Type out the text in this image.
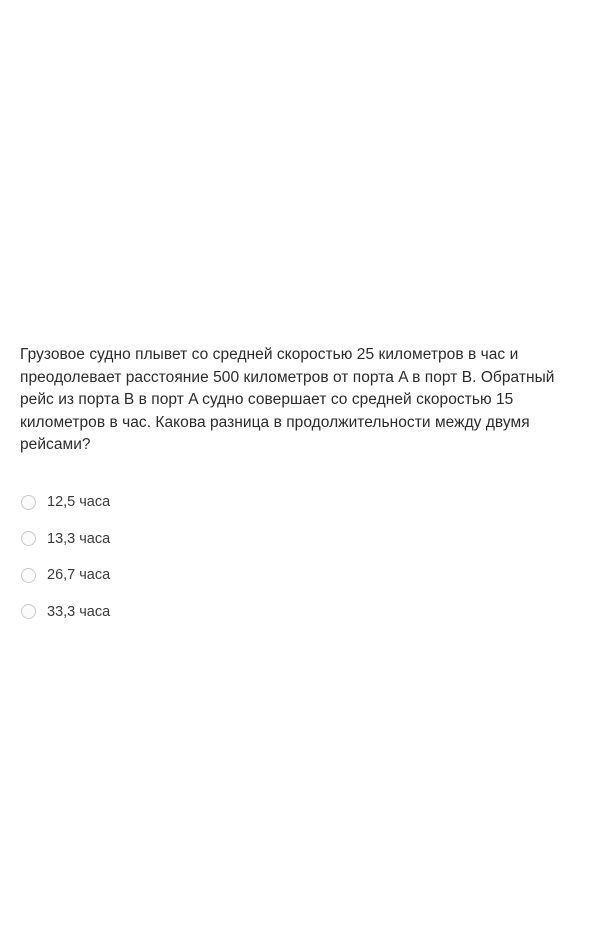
Грузовое судно плывет со средней скоростью 25 километров в час и преодолевает расстояние 500 километров от порта A в порт B. Обратный рейс из порта B в порт A судно совершает со средней скоростью 15 километров в час. Какова разница в продолжительности между двумя рейсами?

12,5 часа
13,3 часа
26,7 часа
33,3 часа
